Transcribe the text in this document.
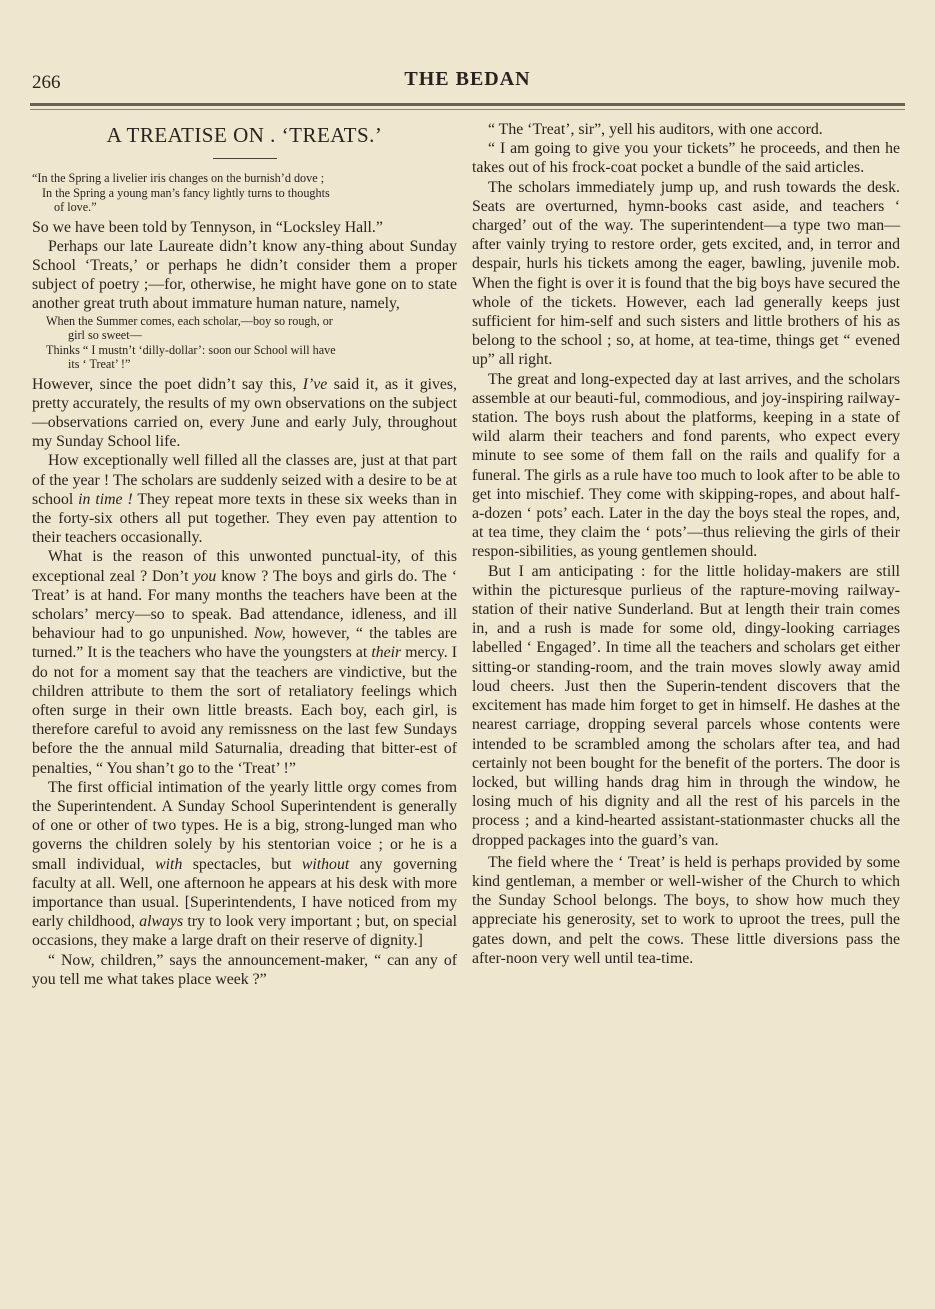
266	THE BEDAN
A TREATISE ON . ‘TREATS.’
“In the Spring a livelier iris changes on the burnish’d dove ;
In the Spring a young man’s fancy lightly turns to thoughts
of love.”

So we have been told by Tennyson, in “Locksley Hall.”

Perhaps our late Laureate didn’t know any-thing about Sunday School ‘Treats,’ or perhaps he didn’t consider them a proper subject of poetry ;—for, otherwise, he might have gone on to state another great truth about immature human nature, namely,

When the Summer comes, each scholar,—boy so rough, or
girl so sweet—
Thinks “ I mustn’t ‘dilly-dollar’: soon our School will have
its ‘ Treat’ !”

However, since the poet didn’t say this, I’ve said it, as it gives, pretty accurately, the results of my own observations on the subject—observations carried on, every June and early July, throughout my Sunday School life.

How exceptionally well filled all the classes are, just at that part of the year ! The scholars are suddenly seized with a desire to be at school in time ! They repeat more texts in these six weeks than in the forty-six others all put together. They even pay attention to their teachers occasionally.

What is the reason of this unwonted punctual-ity, of this exceptional zeal ? Don’t you know ? The boys and girls do. The ‘ Treat’ is at hand. For many months the teachers have been at the scholars’ mercy—so to speak. Bad attendance, idleness, and ill behaviour had to go unpunished. Now, however, “ the tables are turned.” It is the teachers who have the youngsters at their mercy. I do not for a moment say that the teachers are vindictive, but the children attribute to them the sort of retaliatory feelings which often surge in their own little breasts. Each boy, each girl, is therefore careful to avoid any remissness on the last few Sundays before the the annual mild Saturnalia, dreading that bitter-est of penalties, “ You shan’t go to the ‘Treat’ !”

The first official intimation of the yearly little orgy comes from the Superintendent. A Sunday School Superintendent is generally of one or other of two types. He is a big, strong-lunged man who governs the children solely by his stentorian voice ; or he is a small individual, with spectacles, but without any governing faculty at all. Well, one afternoon he appears at his desk with more importance than usual. [Superintendents, I have noticed from my early childhood, always try to look very important ; but, on special occasions, they make a large draft on their reserve of dignity.]

“ Now, children,” says the announcement-maker, “ can any of you tell me what takes place week ?”

“ The ‘Treat’, sir”, yell his auditors, with one accord.

“ I am going to give you your tickets” he proceeds, and then he takes out of his frock-coat pocket a bundle of the said articles.

The scholars immediately jump up, and rush towards the desk. Seats are overturned, hymn-books cast aside, and teachers ‘ charged’ out of the way. The superintendent—a type two man—after vainly trying to restore order, gets excited, and, in terror and despair, hurls his tickets among the eager, bawling, juvenile mob. When the fight is over it is found that the big boys have secured the whole of the tickets. However, each lad generally keeps just sufficient for him-self and such sisters and little brothers of his as belong to the school ; so, at home, at tea-time, things get “ evened up” all right.

The great and long-expected day at last arrives, and the scholars assemble at our beauti-ful, commodious, and joy-inspiring railway-station. The boys rush about the platforms, keeping in a state of wild alarm their teachers and fond parents, who expect every minute to see some of them fall on the rails and qualify for a funeral. The girls as a rule have too much to look after to be able to get into mischief. They come with skipping-ropes, and about half-a-dozen ‘ pots’ each. Later in the day the boys steal the ropes, and, at tea time, they claim the ‘ pots’—thus relieving the girls of their respon-sibilities, as young gentlemen should.

But I am anticipating : for the little holiday-makers are still within the picturesque purlieus of the rapture-moving railway-station of their native Sunderland. But at length their train comes in, and a rush is made for some old, dingy-looking carriages labelled ‘ Engaged’. In time all the teachers and scholars get either sitting-or standing-room, and the train moves slowly away amid loud cheers. Just then the Superin-tendent discovers that the excitement has made him forget to get in himself. He dashes at the nearest carriage, dropping several parcels whose contents were intended to be scrambled among the scholars after tea, and had certainly not been bought for the benefit of the porters. The door is locked, but willing hands drag him in through the window, he losing much of his dignity and all the rest of his parcels in the process ; and a kind-hearted assistant-stationmaster chucks all the dropped packages into the guard’s van.

The field where the ‘ Treat’ is held is perhaps provided by some kind gentleman, a member or well-wisher of the Church to which the Sunday School belongs. The boys, to show how much they appreciate his generosity, set to work to uproot the trees, pull the gates down, and pelt the cows. These little diversions pass the after-noon very well until tea-time.
